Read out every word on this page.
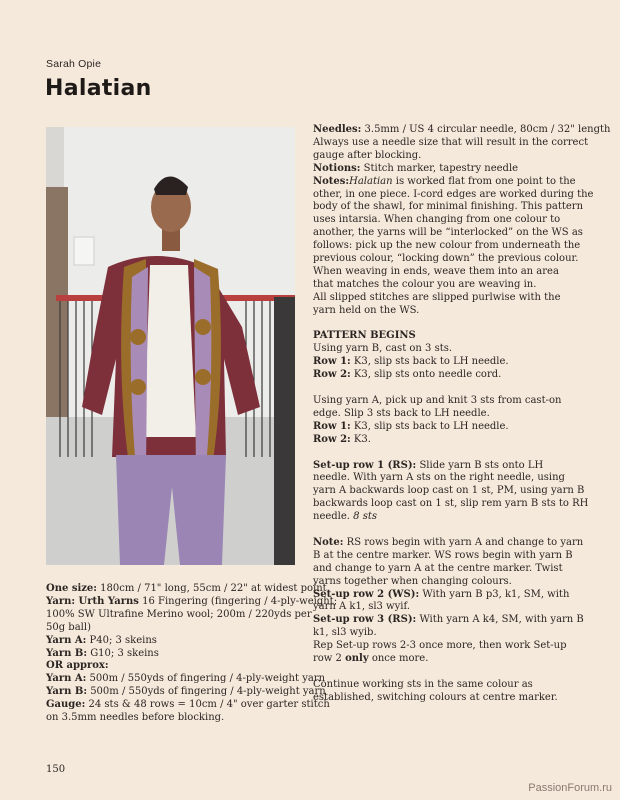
Sarah Opie
Halatian
One size: 180cm / 71" long, 55cm / 22" at widest point
Yarn: Urth Yarns 16 Fingering (fingering / 4-ply-weight;
100% SW Ultrafine Merino wool; 200m / 220yds per
50g ball)
Yarn A: P40; 3 skeins
Yarn B: G10; 3 skeins
OR approx:
Yarn A: 500m / 550yds of fingering / 4-ply-weight yarn
Yarn B: 500m / 550yds of fingering / 4-ply-weight yarn
Gauge: 24 sts & 48 rows = 10cm / 4" over garter stitch
on 3.5mm needles before blocking.
Needles: 3.5mm / US 4 circular needle, 80cm / 32" length
Always use a needle size that will result in the correct
gauge after blocking.
Notions: Stitch marker, tapestry needle
Notes:Halatian is worked flat from one point to the
other, in one piece. I-cord edges are worked during the
body of the shawl, for minimal finishing. This pattern
uses intarsia. When changing from one colour to
another, the yarns will be “interlocked” on the WS as
follows: pick up the new colour from underneath the
previous colour, “locking down” the previous colour.
When weaving in ends, weave them into an area
that matches the colour you are weaving in.
All slipped stitches are slipped purlwise with the
yarn held on the WS.
PATTERN BEGINS
Using yarn B, cast on 3 sts.
Row 1: K3, slip sts back to LH needle.
Row 2: K3, slip sts onto needle cord.
Using yarn A, pick up and knit 3 sts from cast-on
edge. Slip 3 sts back to LH needle.
Row 1: K3, slip sts back to LH needle.
Row 2: K3.
Set-up row 1 (RS): Slide yarn B sts onto LH
needle. With yarn A sts on the right needle, using
yarn A backwards loop cast on 1 st, PM, using yarn B
backwards loop cast on 1 st, slip rem yarn B sts to RH
needle. 8 sts
Note: RS rows begin with yarn A and change to yarn
B at the centre marker. WS rows begin with yarn B
and change to yarn A at the centre marker. Twist
yarns together when changing colours.
Set-up row 2 (WS): With yarn B p3, k1, SM, with
yarn A k1, sl3 wyif.
Set-up row 3 (RS): With yarn A k4, SM, with yarn B
k1, sl3 wyib.
Rep Set-up rows 2-3 once more, then work Set-up
row 2 only once more.
Continue working sts in the same colour as
established, switching colours at centre marker.
150
PassionForum.ru
